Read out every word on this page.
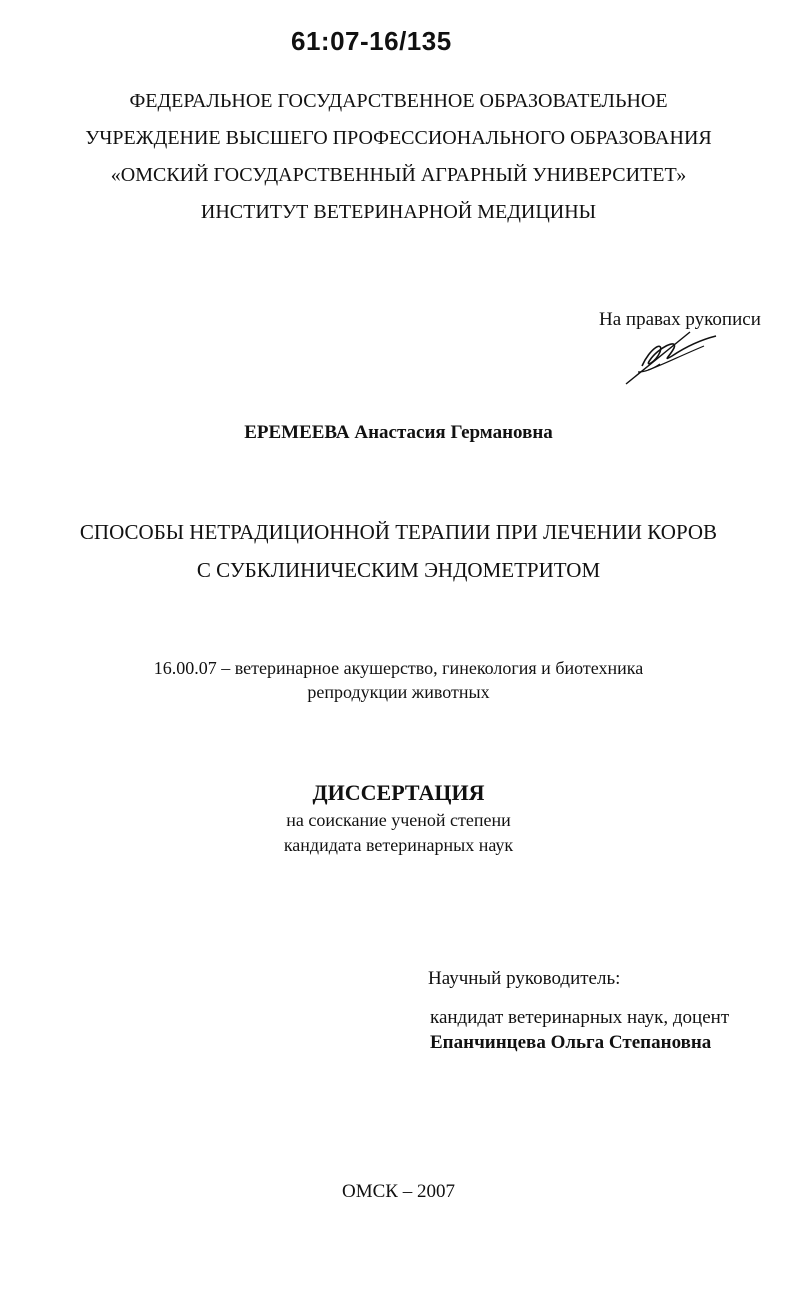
61:07-16/135
ФЕДЕРАЛЬНОЕ ГОСУДАРСТВЕННОЕ ОБРАЗОВАТЕЛЬНОЕ
УЧРЕЖДЕНИЕ ВЫСШЕГО ПРОФЕССИОНАЛЬНОГО ОБРАЗОВАНИЯ
«ОМСКИЙ ГОСУДАРСТВЕННЫЙ АГРАРНЫЙ УНИВЕРСИТЕТ»
ИНСТИТУТ ВЕТЕРИНАРНОЙ МЕДИЦИНЫ
На правах рукописи
ЕРЕМЕЕВА Анастасия Германовна
СПОСОБЫ НЕТРАДИЦИОННОЙ ТЕРАПИИ ПРИ ЛЕЧЕНИИ КОРОВ
С СУБКЛИНИЧЕСКИМ ЭНДОМЕТРИТОМ
16.00.07 – ветеринарное акушерство, гинекология и биотехника
репродукции животных
ДИССЕРТАЦИЯ
на соискание ученой степени
кандидата ветеринарных наук
Научный руководитель:
кандидат ветеринарных наук, доцент
Епанчинцева Ольга Степановна
ОМСК – 2007
